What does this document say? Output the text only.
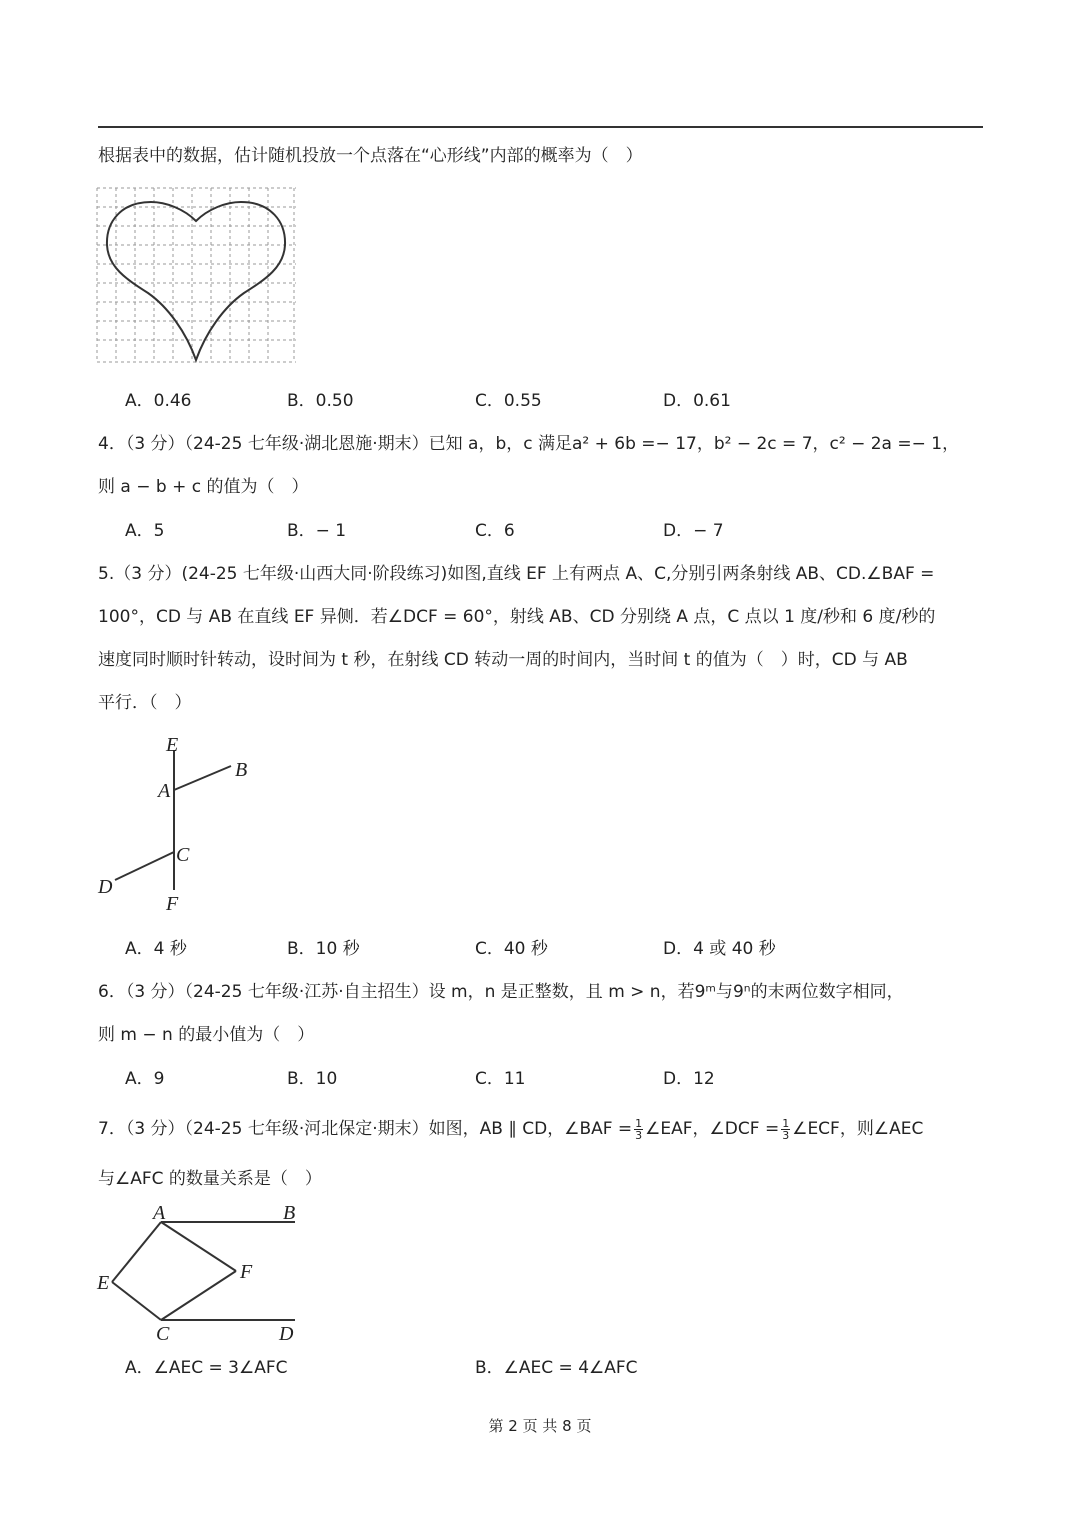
根据表中的数据，估计随机投放一个点落在“心形线”内部的概率为（　）
A．0.46	B．0.50	C．0.55	D．0.61
4．（3 分）（24-25 七年级·湖北恩施·期末）已知 a，b，c 满足a² + 6b =− 17，b² − 2c = 7，c² − 2a =− 1，
则 a − b + c 的值为（　）
A．5	B．− 1	C．6	D．− 7
5.（3 分）(24-25 七年级·山西大同·阶段练习)如图,直线 EF 上有两点 A、C,分别引两条射线 AB、CD.∠BAF =
100°，CD 与 AB 在直线 EF 异侧．若∠DCF = 60°，射线 AB、CD 分别绕 A 点，C 点以 1 度/秒和 6 度/秒的
速度同时顺时针转动，设时间为 t 秒，在射线 CD 转动一周的时间内，当时间 t 的值为（　）时，CD 与 AB
平行．（　）
E
B
A
C
D
F
A．4 秒	B．10 秒	C．40 秒	D．4 或 40 秒
6．（3 分）（24-25 七年级·江苏·自主招生）设 m，n 是正整数，且 m > n，若9ᵐ与9ⁿ的末两位数字相同，
则 m − n 的最小值为（　）
A．9	B．10	C．11	D．12
7．（3 分）（24-25 七年级·河北保定·期末）如图，AB ∥ CD，∠BAF = $\frac{1}{3}$ ∠EAF，∠DCF = $\frac{1}{3}$ ∠ECF，则∠AEC
与∠AFC 的数量关系是（　）
A	B
E	F
C	D
A．∠AEC = 3∠AFC	B．∠AEC = 4∠AFC
第 2 页 共 8 页
